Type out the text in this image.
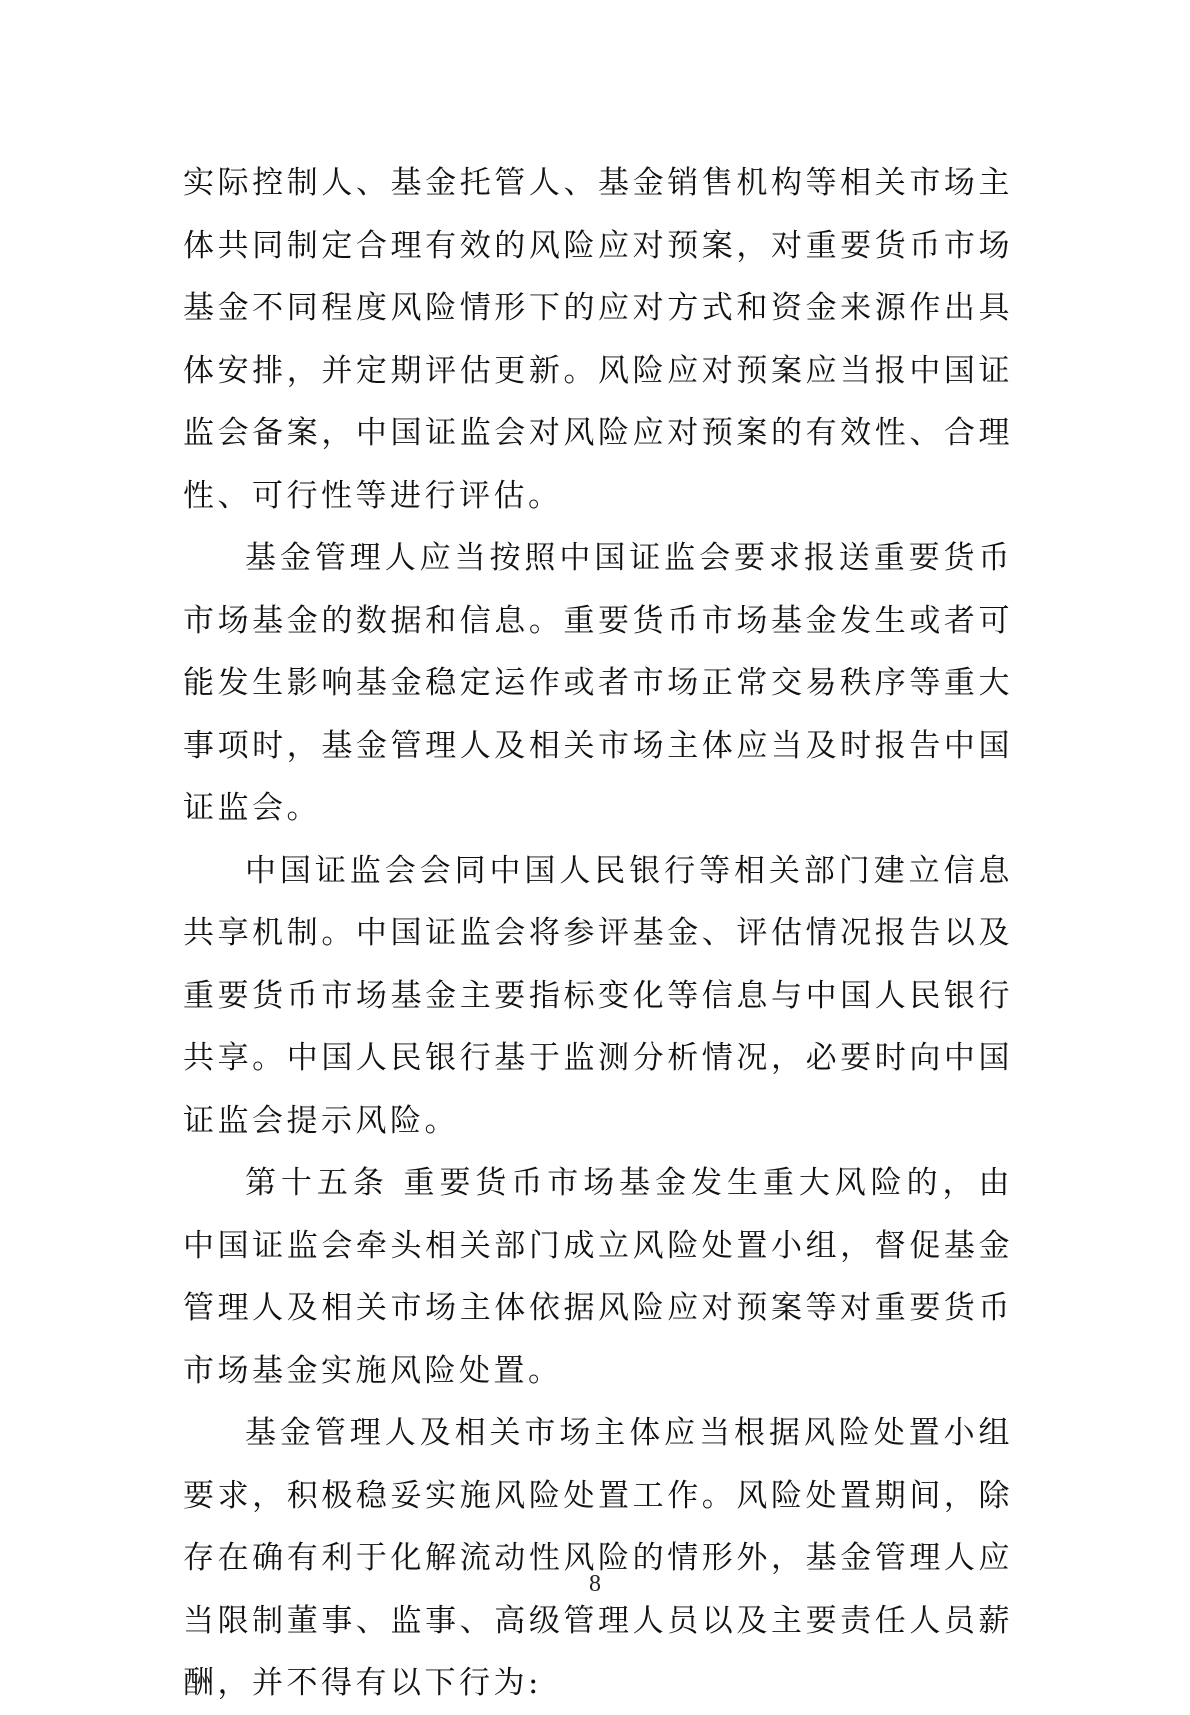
实际控制人、基金托管人、基金销售机构等相关市场主体共同制定合理有效的风险应对预案，对重要货币市场基金不同程度风险情形下的应对方式和资金来源作出具体安排，并定期评估更新。风险应对预案应当报中国证监会备案，中国证监会对风险应对预案的有效性、合理性、可行性等进行评估。

基金管理人应当按照中国证监会要求报送重要货币市场基金的数据和信息。重要货币市场基金发生或者可能发生影响基金稳定运作或者市场正常交易秩序等重大事项时，基金管理人及相关市场主体应当及时报告中国证监会。

中国证监会会同中国人民银行等相关部门建立信息共享机制。中国证监会将参评基金、评估情况报告以及重要货币市场基金主要指标变化等信息与中国人民银行共享。中国人民银行基于监测分析情况，必要时向中国证监会提示风险。

第十五条 重要货币市场基金发生重大风险的，由中国证监会牵头相关部门成立风险处置小组，督促基金管理人及相关市场主体依据风险应对预案等对重要货币市场基金实施风险处置。

基金管理人及相关市场主体应当根据风险处置小组要求，积极稳妥实施风险处置工作。风险处置期间，除存在确有利于化解流动性风险的情形外，基金管理人应当限制董事、监事、高级管理人员以及主要责任人员薪酬，并不得有以下行为:

8
